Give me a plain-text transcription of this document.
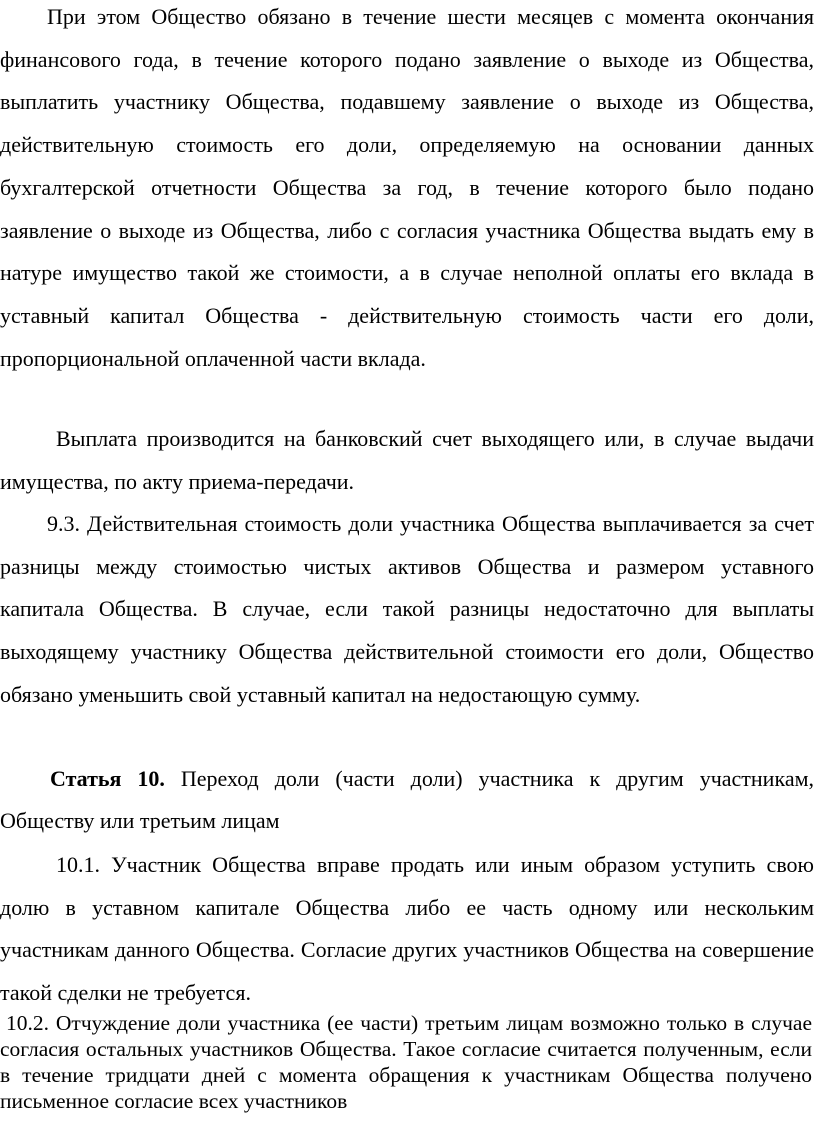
При этом Общество обязано в течение шести месяцев с момента окончания финансового года, в течение которого подано заявление о выходе из Общества, выплатить участнику Общества, подавшему заявление о выходе из Общества, действительную стоимость его доли, определяемую на основании данных бухгалтерской отчетности Общества за год, в течение которого было подано заявление о выходе из Общества, либо с согласия участника Общества выдать ему в натуре имущество такой же стоимости, а в случае неполной оплаты его вклада в уставный капитал Общества - действительную стоимость части его доли, пропорциональной оплаченной части вклада.

Выплата производится на банковский счет выходящего или, в случае выдачи имущества, по акту приема-передачи.

9.3. Действительная стоимость доли участника Общества выплачивается за счет разницы между стоимостью чистых активов Общества и размером уставного капитала Общества. В случае, если такой разницы недостаточно для выплаты выходящему участнику Общества действительной стоимости его доли, Общество обязано уменьшить свой уставный капитал на недостающую сумму.

Статья 10. Переход доли (части доли) участника к другим участникам, Обществу или третьим лицам

10.1. Участник Общества вправе продать или иным образом уступить свою долю в уставном капитале Общества либо ее часть одному или нескольким участникам данного Общества. Согласие других участников Общества на совершение такой сделки не требуется.

10.2. Отчуждение доли участника (ее части) третьим лицам возможно только в случае согласия остальных участников Общества. Такое согласие считается полученным, если в течение тридцати дней с момента обращения к участникам Общества получено письменное согласие всех участников
